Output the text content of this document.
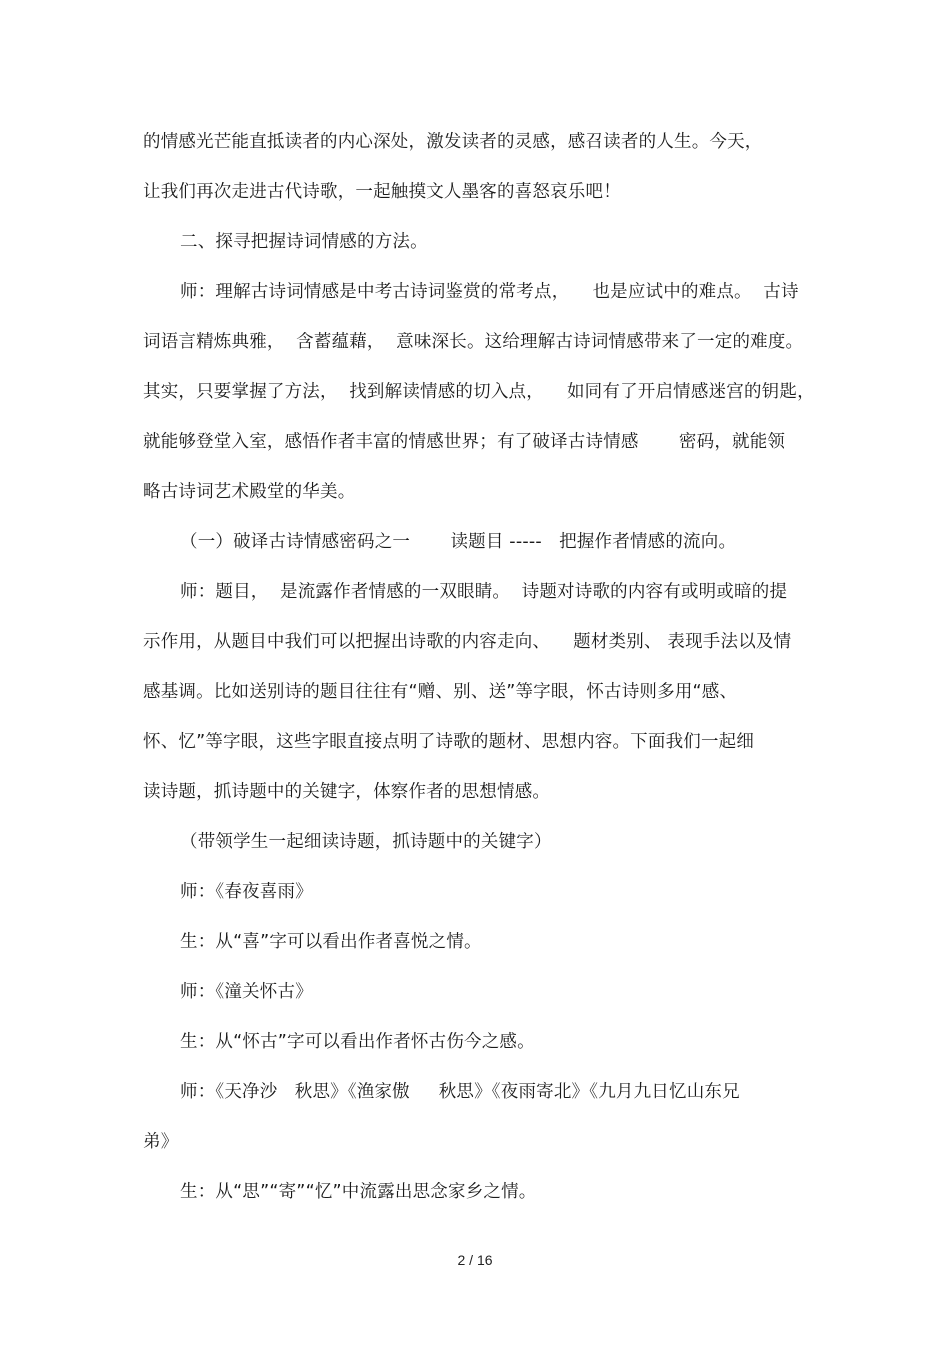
的情感光芒能直抵读者的内心深处，激发读者的灵感，感召读者的人生。今天，
让我们再次走进古代诗歌，一起触摸文人墨客的喜怒哀乐吧！
二、探寻把握诗词情感的方法。
师：理解古诗词情感是中考古诗词鉴赏的常考点，    也是应试中的难点。  古诗
词语言精炼典雅，  含蓄蕴藉，  意味深长。这给理解古诗词情感带来了一定的难度。
其实，只要掌握了方法，  找到解读情感的切入点，    如同有了开启情感迷宫的钥匙，
就能够登堂入室，感悟作者丰富的情感世界；有了破译古诗情感       密码，就能领
略古诗词艺术殿堂的华美。
（一）破译古诗情感密码之一       读题目 -----   把握作者情感的流向。
师：题目，  是流露作者情感的一双眼睛。  诗题对诗歌的内容有或明或暗的提
示作用，从题目中我们可以把握出诗歌的内容走向、    题材类别、 表现手法以及情
感基调。比如送别诗的题目往往有“赠、别、送”等字眼，怀古诗则多用“感、
怀、忆”等字眼，这些字眼直接点明了诗歌的题材、思想内容。下面我们一起细
读诗题，抓诗题中的关键字，体察作者的思想情感。
（带领学生一起细读诗题，抓诗题中的关键字）
师：《春夜喜雨》
生：从“喜”字可以看出作者喜悦之情。
师：《潼关怀古》
生：从“怀古”字可以看出作者怀古伤今之感。
师：《天净沙   秋思》《渔家傲     秋思》《夜雨寄北》《九月九日忆山东兄
弟》
生：从“思”“寄”“忆”中流露出思念家乡之情。
2 / 16
